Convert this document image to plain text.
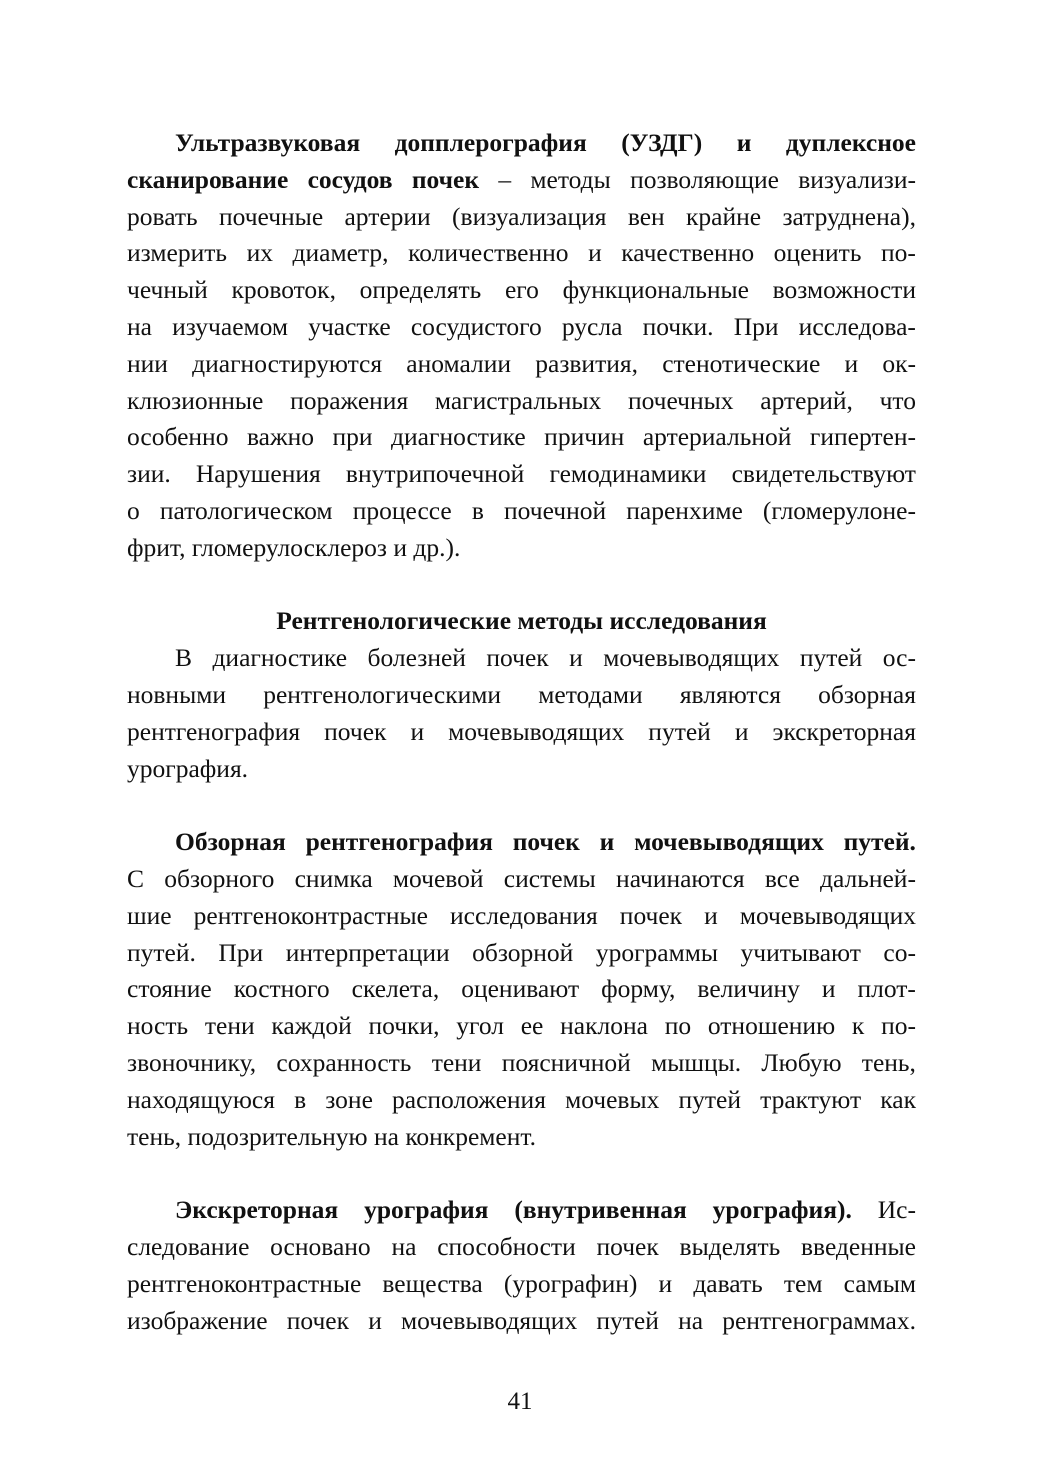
Ультразвуковая допплерография (УЗДГ) и дуплексное
сканирование сосудов почек – методы позволяющие визуализи-
ровать почечные артерии (визуализация вен крайне затруднена),
измерить их диаметр, количественно и качественно оценить по-
чечный кровоток, определять его функциональные возможности
на изучаемом участке сосудистого русла почки. При исследова-
нии диагностируются аномалии развития, стенотические и ок-
клюзионные поражения магистральных почечных артерий, что
особенно важно при диагностике причин артериальной гипертен-
зии. Нарушения внутрипочечной гемодинамики свидетельствуют
о патологическом процессе в почечной паренхиме (гломерулоне-
фрит, гломерулосклероз и др.).
Рентгенологические методы исследования
В диагностике болезней почек и мочевыводящих путей ос-
новными рентгенологическими методами являются обзорная
рентгенография почек и мочевыводящих путей и экскреторная
урография.
Обзорная рентгенография почек и мочевыводящих путей.
С обзорного снимка мочевой системы начинаются все дальней-
шие рентгеноконтрастные исследования почек и мочевыводящих
путей. При интерпретации обзорной урограммы учитывают со-
стояние костного скелета, оценивают форму, величину и плот-
ность тени каждой почки, угол ее наклона по отношению к по-
звоночнику, сохранность тени поясничной мышцы. Любую тень,
находящуюся в зоне расположения мочевых путей трактуют как
тень, подозрительную на конкремент.
Экскреторная урография (внутривенная урография). Ис-
следование основано на способности почек выделять введенные
рентгеноконтрастные вещества (урографин) и давать тем самым
изображение почек и мочевыводящих путей на рентгенограммах.
41
